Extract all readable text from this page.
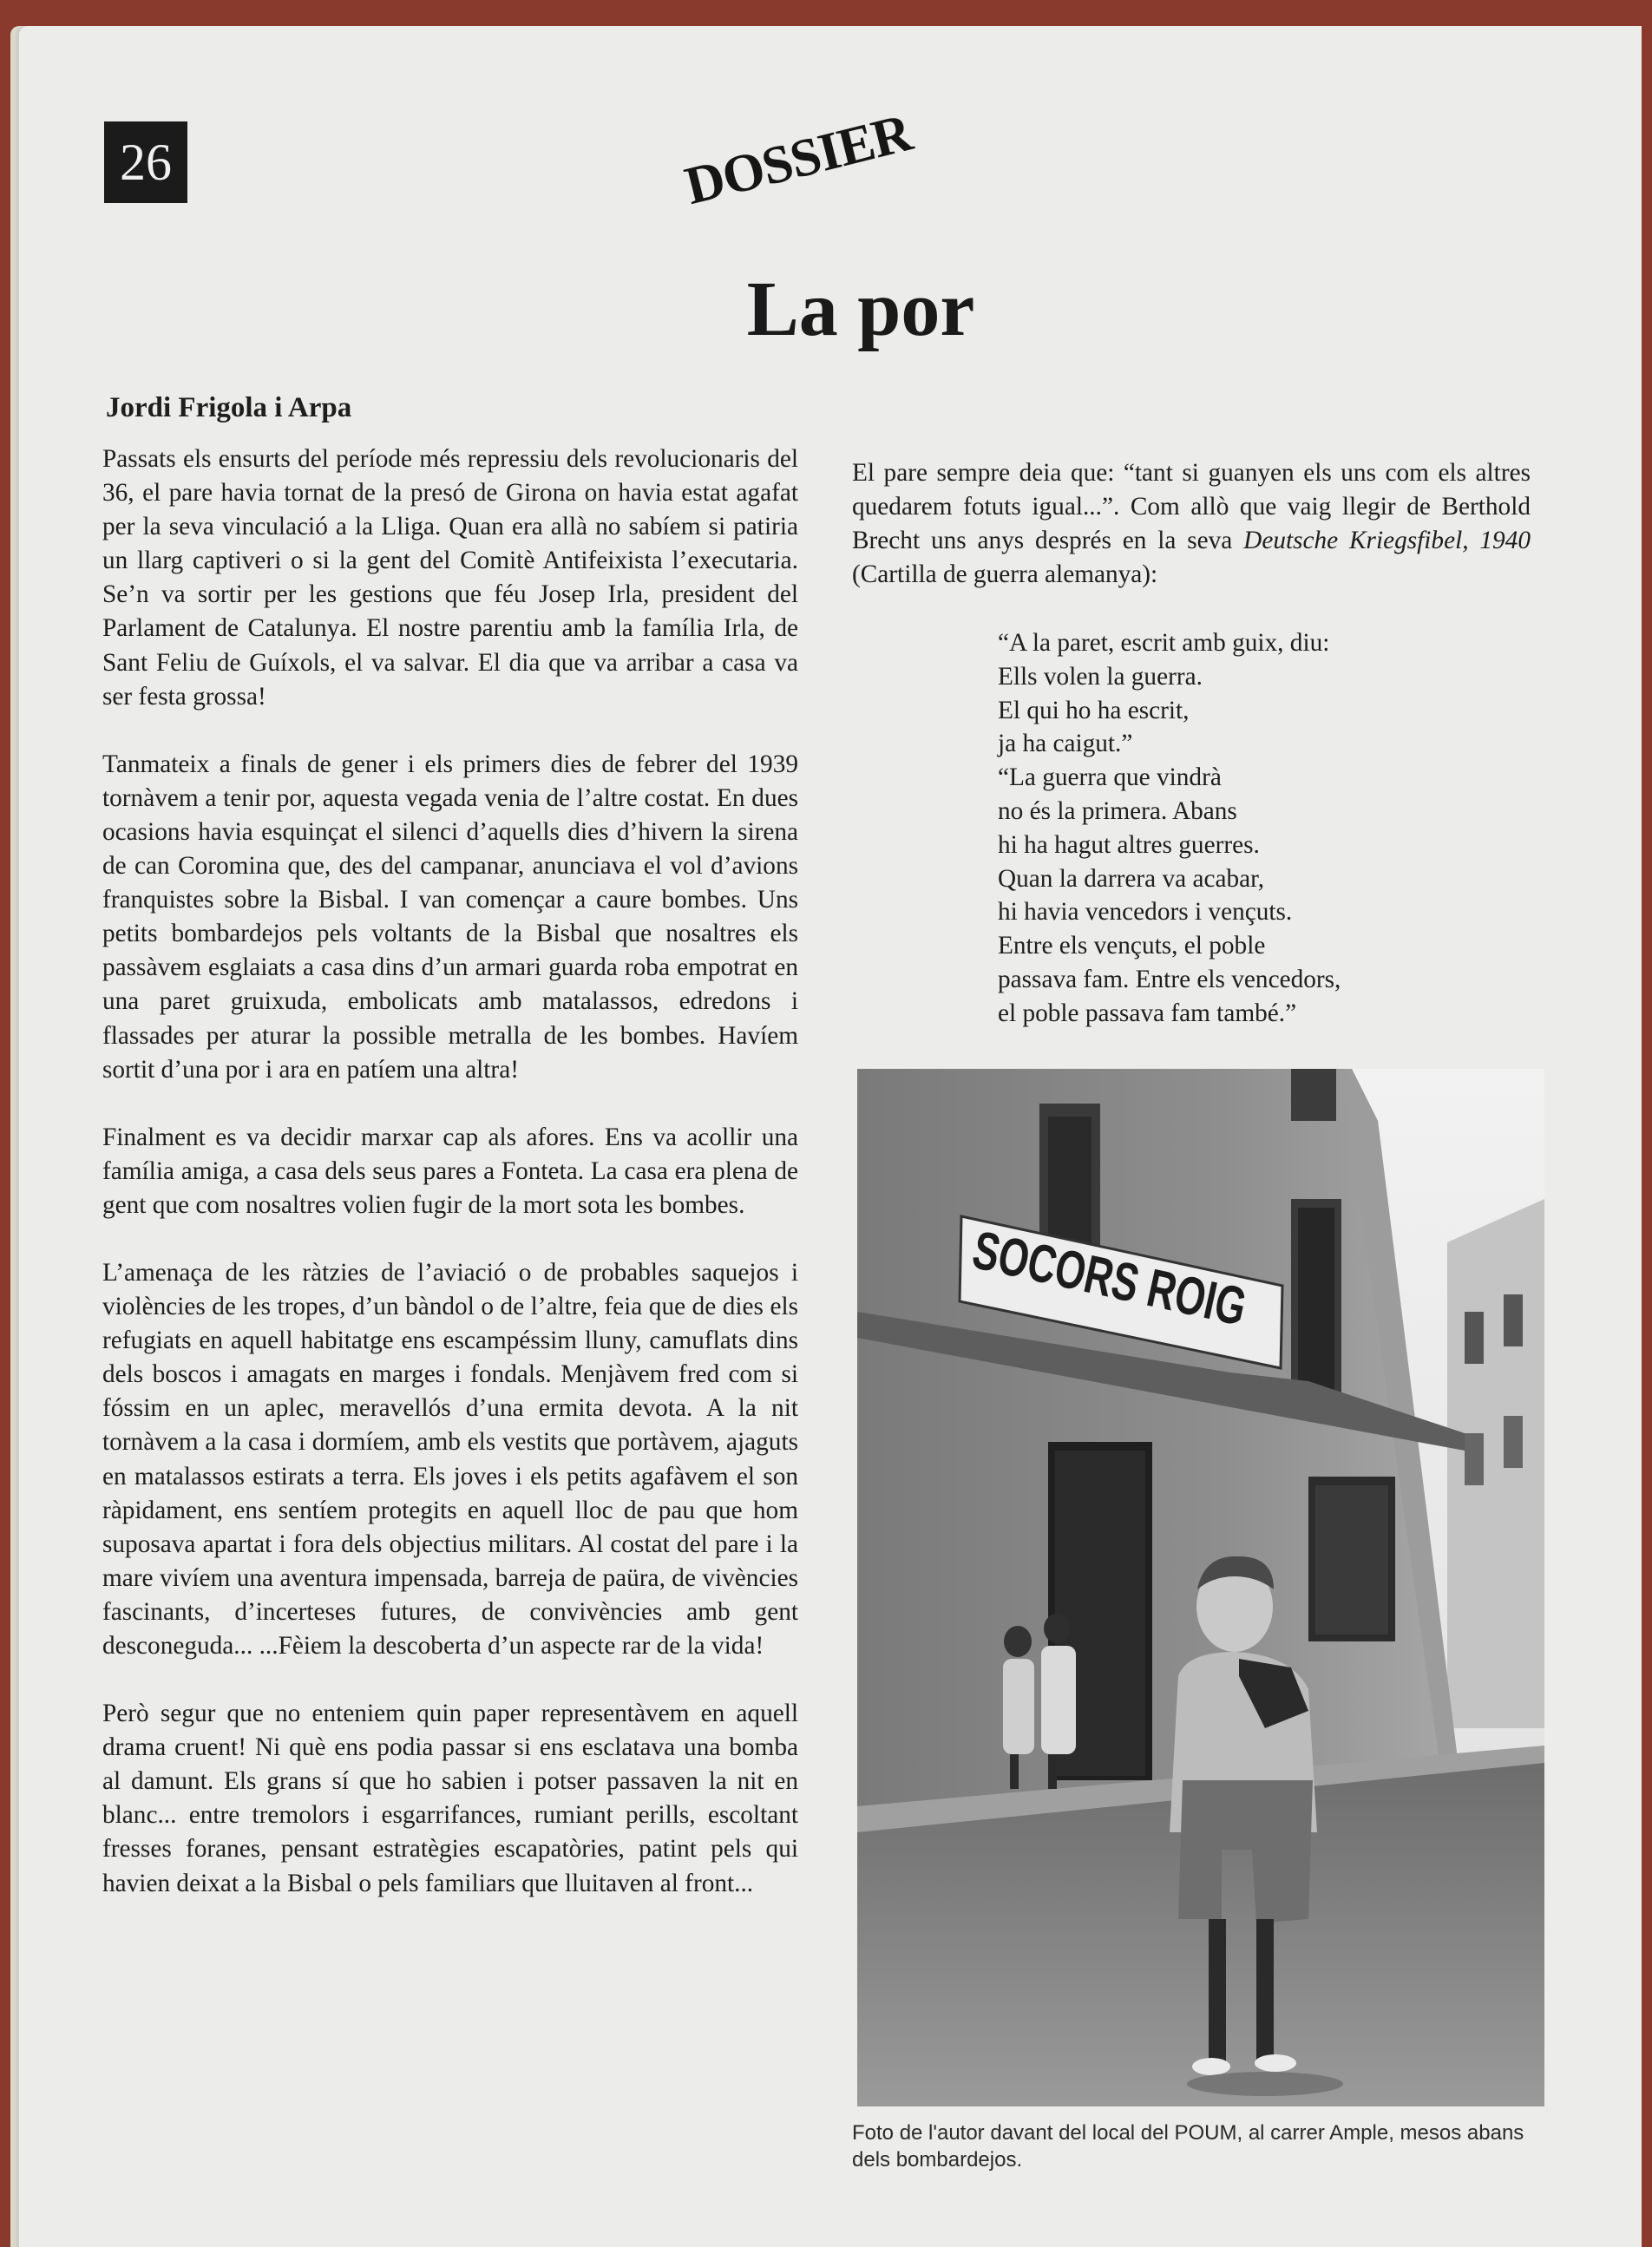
26	DOSSIER
La por
Jordi Frigola i Arpa

Passats els ensurts del període més repressiu dels revolucionaris del 36, el pare havia tornat de la presó de Girona on havia estat agafat per la seva vinculació a la Lliga. Quan era allà no sabíem si patiria un llarg captiveri o si la gent del Comitè Antifeixista l’executaria. Se’n va sortir per les gestions que féu Josep Irla, president del Parlament de Catalunya. El nostre parentiu amb la família Irla, de Sant Feliu de Guíxols, el va salvar. El dia que va arribar a casa va ser festa grossa!

Tanmateix a finals de gener i els primers dies de febrer del 1939 tornàvem a tenir por, aquesta vegada venia de l’altre costat. En dues ocasions havia esquinçat el silenci d’aquells dies d’hivern la sirena de can Coromina que, des del campanar, anunciava el vol d’avions franquistes sobre la Bisbal. I van començar a caure bombes. Uns petits bombardejos pels voltants de la Bisbal que nosaltres els passàvem esglaiats a casa dins d’un armari guarda roba empotrat en una paret gruixuda, embolicats amb matalassos, edredons i flassades per aturar la possible metralla de les bombes. Havíem sortit d’una por i ara en patíem una altra!

Finalment es va decidir marxar cap als afores. Ens va acollir una família amiga, a casa dels seus pares a Fonteta. La casa era plena de gent que com nosaltres volien fugir de la mort sota les bombes.

L’amenaça de les ràtzies de l’aviació o de probables saquejos i violències de les tropes, d’un bàndol o de l’altre, feia que de dies els refugiats en aquell habitatge ens escampéssim lluny, camuflats dins dels boscos i amagats en marges i fondals. Menjàvem fred com si fóssim en un aplec, meravellós d’una ermita devota. A la nit tornàvem a la casa i dormíem, amb els vestits que portàvem, ajaguts en matalassos estirats a terra. Els joves i els petits agafàvem el son ràpidament, ens sentíem protegits en aquell lloc de pau que hom suposava apartat i fora dels objectius militars. Al costat del pare i la mare vivíem una aventura impensada, barreja de paüra, de vivències fascinants, d’incerteses futures, de convivències amb gent desconeguda... ...Fèiem la descoberta d’un aspecte rar de la vida!

Però segur que no enteniem quin paper representàvem en aquell drama cruent! Ni què ens podia passar si ens esclatava una bomba al damunt. Els grans sí que ho sabien i potser passaven la nit en blanc... entre tremolors i esgarrifances, rumiant perills, escoltant fresses foranes, pensant estratègies escapatòries, patint pels qui havien deixat a la Bisbal o pels familiars que lluitaven al front...

El pare sempre deia que: “tant si guanyen els uns com els altres quedarem fotuts igual...”. Com allò que vaig llegir de Berthold Brecht uns anys després en la seva Deutsche Kriegsfibel, 1940 (Cartilla de guerra alemanya):

“A la paret, escrit amb guix, diu:
Ells volen la guerra.
El qui ho ha escrit,
ja ha caigut.”
“La guerra que vindrà
no és la primera. Abans
hi ha hagut altres guerres.
Quan la darrera va acabar,
hi havia vencedors i vençuts.
Entre els vençuts, el poble
passava fam. Entre els vencedors,
el poble passava fam també.”
SOCORS ROIG
Foto de l'autor davant del local del POUM, al carrer Ample, mesos abans dels bombardejos.
